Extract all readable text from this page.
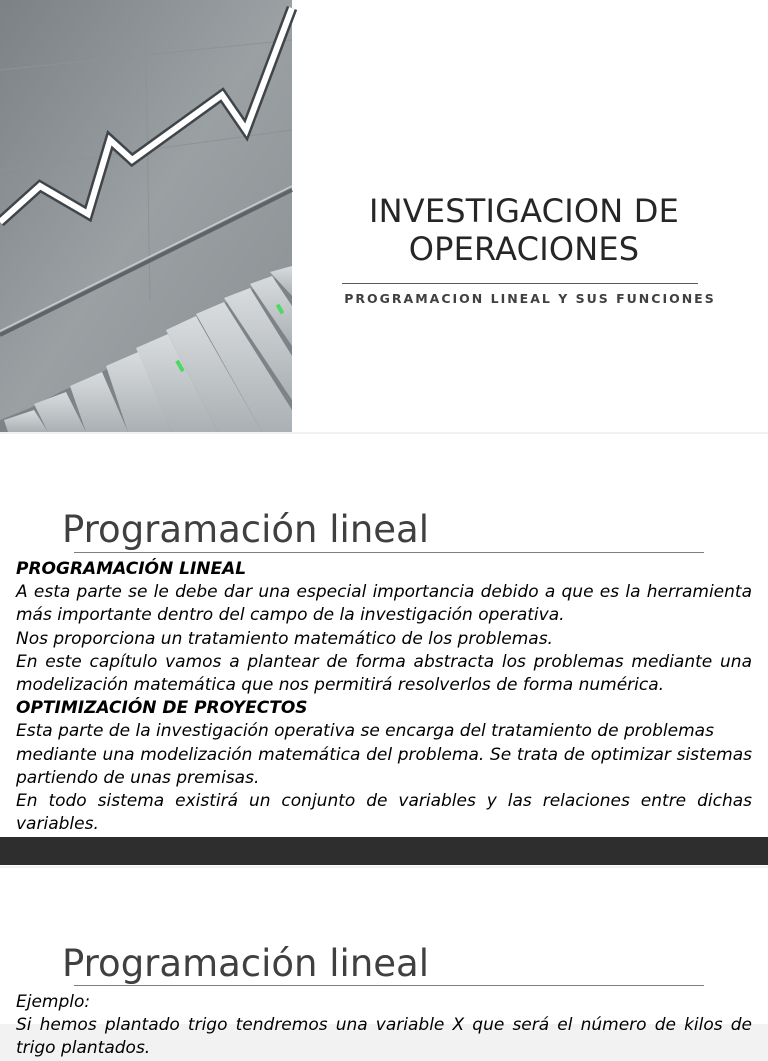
INVESTIGACION DE
OPERACIONES
PROGRAMACION LINEAL Y SUS FUNCIONES
Programación lineal

PROGRAMACIÓN LINEAL

A esta parte se le debe dar una especial importancia debido a que es la herramienta más importante dentro del campo de la investigación operativa.

Nos proporciona un tratamiento matemático de los problemas.

En este capítulo vamos a plantear de forma abstracta los problemas mediante una modelización matemática que nos permitirá resolverlos de forma numérica.

OPTIMIZACIÓN DE PROYECTOS

Esta parte de la investigación operativa se encarga del tratamiento de problemas

mediante una modelización matemática del problema. Se trata de optimizar sistemas partiendo de unas premisas.

En todo sistema existirá un conjunto de variables y las relaciones entre dichas variables.

Programación lineal

Ejemplo:

Si hemos plantado trigo tendremos una variable X que será el número de kilos de trigo plantados.
